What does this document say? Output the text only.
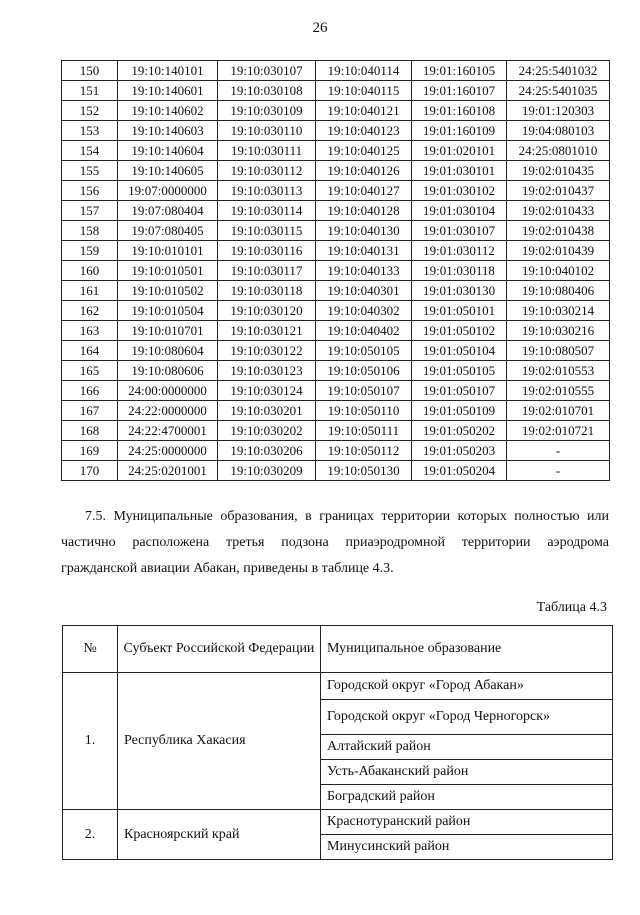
26
150	19:10:140101	19:10:030107	19:10:040114	19:01:160105	24:25:5401032
151	19:10:140601	19:10:030108	19:10:040115	19:01:160107	24:25:5401035
152	19:10:140602	19:10:030109	19:10:040121	19:01:160108	19:01:120303
153	19:10:140603	19:10:030110	19:10:040123	19:01:160109	19:04:080103
154	19:10:140604	19:10:030111	19:10:040125	19:01:020101	24:25:0801010
155	19:10:140605	19:10:030112	19:10:040126	19:01:030101	19:02:010435
156	19:07:0000000	19:10:030113	19:10:040127	19:01:030102	19:02:010437
157	19:07:080404	19:10:030114	19:10:040128	19:01:030104	19:02:010433
158	19:07:080405	19:10:030115	19:10:040130	19:01:030107	19:02:010438
159	19:10:010101	19:10:030116	19:10:040131	19:01:030112	19:02:010439
160	19:10:010501	19:10:030117	19:10:040133	19:01:030118	19:10:040102
161	19:10:010502	19:10:030118	19:10:040301	19:01:030130	19:10:080406
162	19:10:010504	19:10:030120	19:10:040302	19:01:050101	19:10:030214
163	19:10:010701	19:10:030121	19:10:040402	19:01:050102	19:10:030216
164	19:10:080604	19:10:030122	19:10:050105	19:01:050104	19:10:080507
165	19:10:080606	19:10:030123	19:10:050106	19:01:050105	19:02:010553
166	24:00:0000000	19:10:030124	19:10:050107	19:01:050107	19:02:010555
167	24:22:0000000	19:10:030201	19:10:050110	19:01:050109	19:02:010701
168	24:22:4700001	19:10:030202	19:10:050111	19:01:050202	19:02:010721
169	24:25:0000000	19:10:030206	19:10:050112	19:01:050203	-
170	24:25:0201001	19:10:030209	19:10:050130	19:01:050204	-
7.5. Муниципальные образования, в границах территории которых полностью или частично расположена третья подзона приаэродромной территории аэродрома гражданской авиации Абакан, приведены в таблице 4.3.
Таблица 4.3
№	Субъект Российской Федерации	Муниципальное образование
1.	Республика Хакасия	Городской округ «Город Абакан»
		Городской округ «Город Черногорск»
		Алтайский район
		Усть-Абаканский район
		Боградский район
2.	Красноярский край	Краснотуранский район
		Минусинский район
